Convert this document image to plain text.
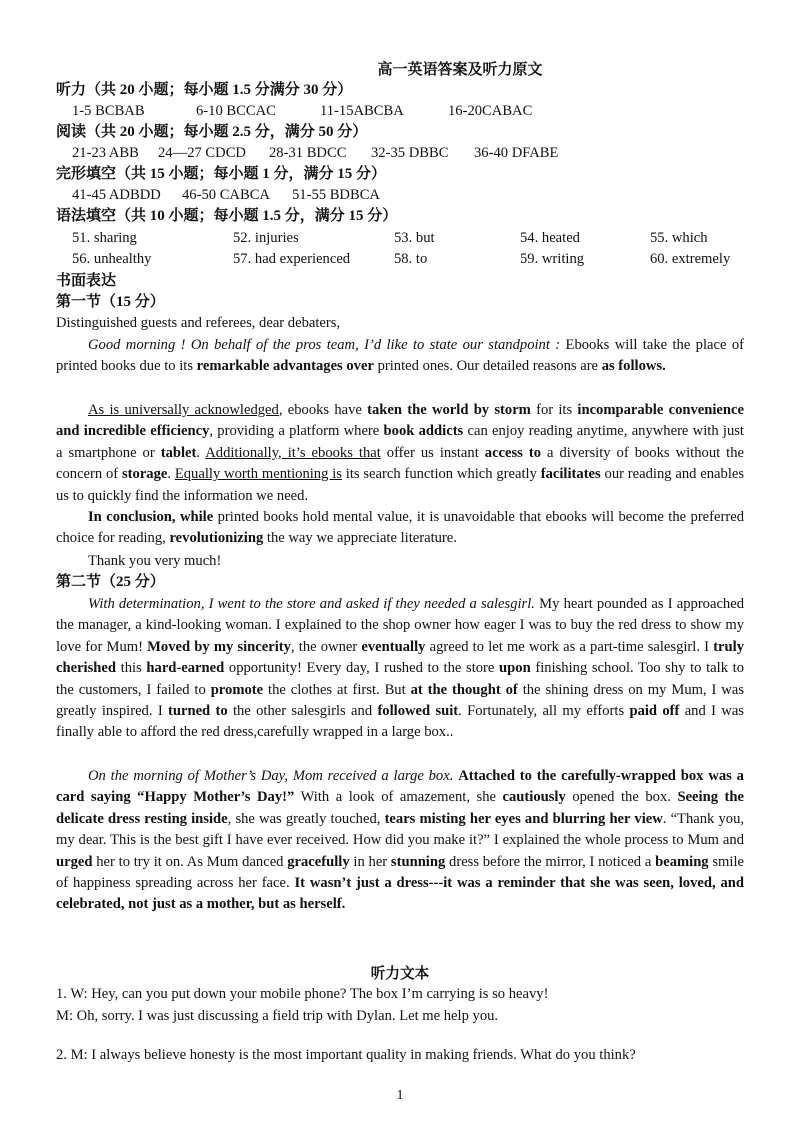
高一英语答案及听力原文
听力（共 20 小题；每小题 1.5 分满分 30 分）
1-5 BCBAB	6-10 BCCAC	11-15ABCBA	16-20CABAC
阅读（共 20 小题；每小题 2.5 分，满分 50 分）
21-23 ABB 24—27 CDCD 28-31 BDCC 32-35 DBBC 36-40 DFABE
完形填空（共 15 小题；每小题 1 分，满分 15 分）
41-45 ADBDD 46-50 CABCA 51-55 BDBCA
语法填空（共 10 小题；每小题 1.5 分，满分 15 分）
51. sharing	52. injuries	53. but	54. heated	55. which
56. unhealthy	57. had experienced	58. to	59. writing	60. extremely
书面表达
第一节（15 分）
Distinguished guests and referees, dear debaters,
Good morning ! On behalf of the pros team, I’d like to state our standpoint : Ebooks will take the place of printed books due to its remarkable advantages over printed ones. Our detailed reasons are as follows.
As is universally acknowledged, ebooks have taken the world by storm for its incomparable convenience and incredible efficiency, providing a platform where book addicts can enjoy reading anytime, anywhere with just a smartphone or tablet. Additionally, it’s ebooks that offer us instant access to a diversity of books without the concern of storage. Equally worth mentioning is its search function which greatly facilitates our reading and enables us to quickly find the information we need.
In conclusion, while printed books hold mental value, it is unavoidable that ebooks will become the preferred choice for reading, revolutionizing the way we appreciate literature.
Thank you very much!
第二节（25 分）
With determination, I went to the store and asked if they needed a salesgirl. My heart pounded as I approached the manager, a kind-looking woman. I explained to the shop owner how eager I was to buy the red dress to show my love for Mum! Moved by my sincerity, the owner eventually agreed to let me work as a part-time salesgirl. I truly cherished this hard-earned opportunity! Every day, I rushed to the store upon finishing school. Too shy to talk to the customers, I failed to promote the clothes at first. But at the thought of the shining dress on my Mum, I was greatly inspired. I turned to the other salesgirls and followed suit. Fortunately, all my efforts paid off and I was finally able to afford the red dress,carefully wrapped in a large box..
On the morning of Mother’s Day, Mom received a large box. Attached to the carefully-wrapped box was a card saying “Happy Mother’s Day!” With a look of amazement, she cautiously opened the box. Seeing the delicate dress resting inside, she was greatly touched, tears misting her eyes and blurring her view. “Thank you, my dear. This is the best gift I have ever received. How did you make it?” I explained the whole process to Mum and urged her to try it on. As Mum danced gracefully in her stunning dress before the mirror, I noticed a beaming smile of happiness spreading across her face. It wasn’t just a dress---it was a reminder that she was seen, loved, and celebrated, not just as a mother, but as herself.
听力文本
1. W: Hey, can you put down your mobile phone? The box I’m carrying is so heavy!
M: Oh, sorry. I was just discussing a field trip with Dylan. Let me help you.
2. M: I always believe honesty is the most important quality in making friends. What do you think?
1
